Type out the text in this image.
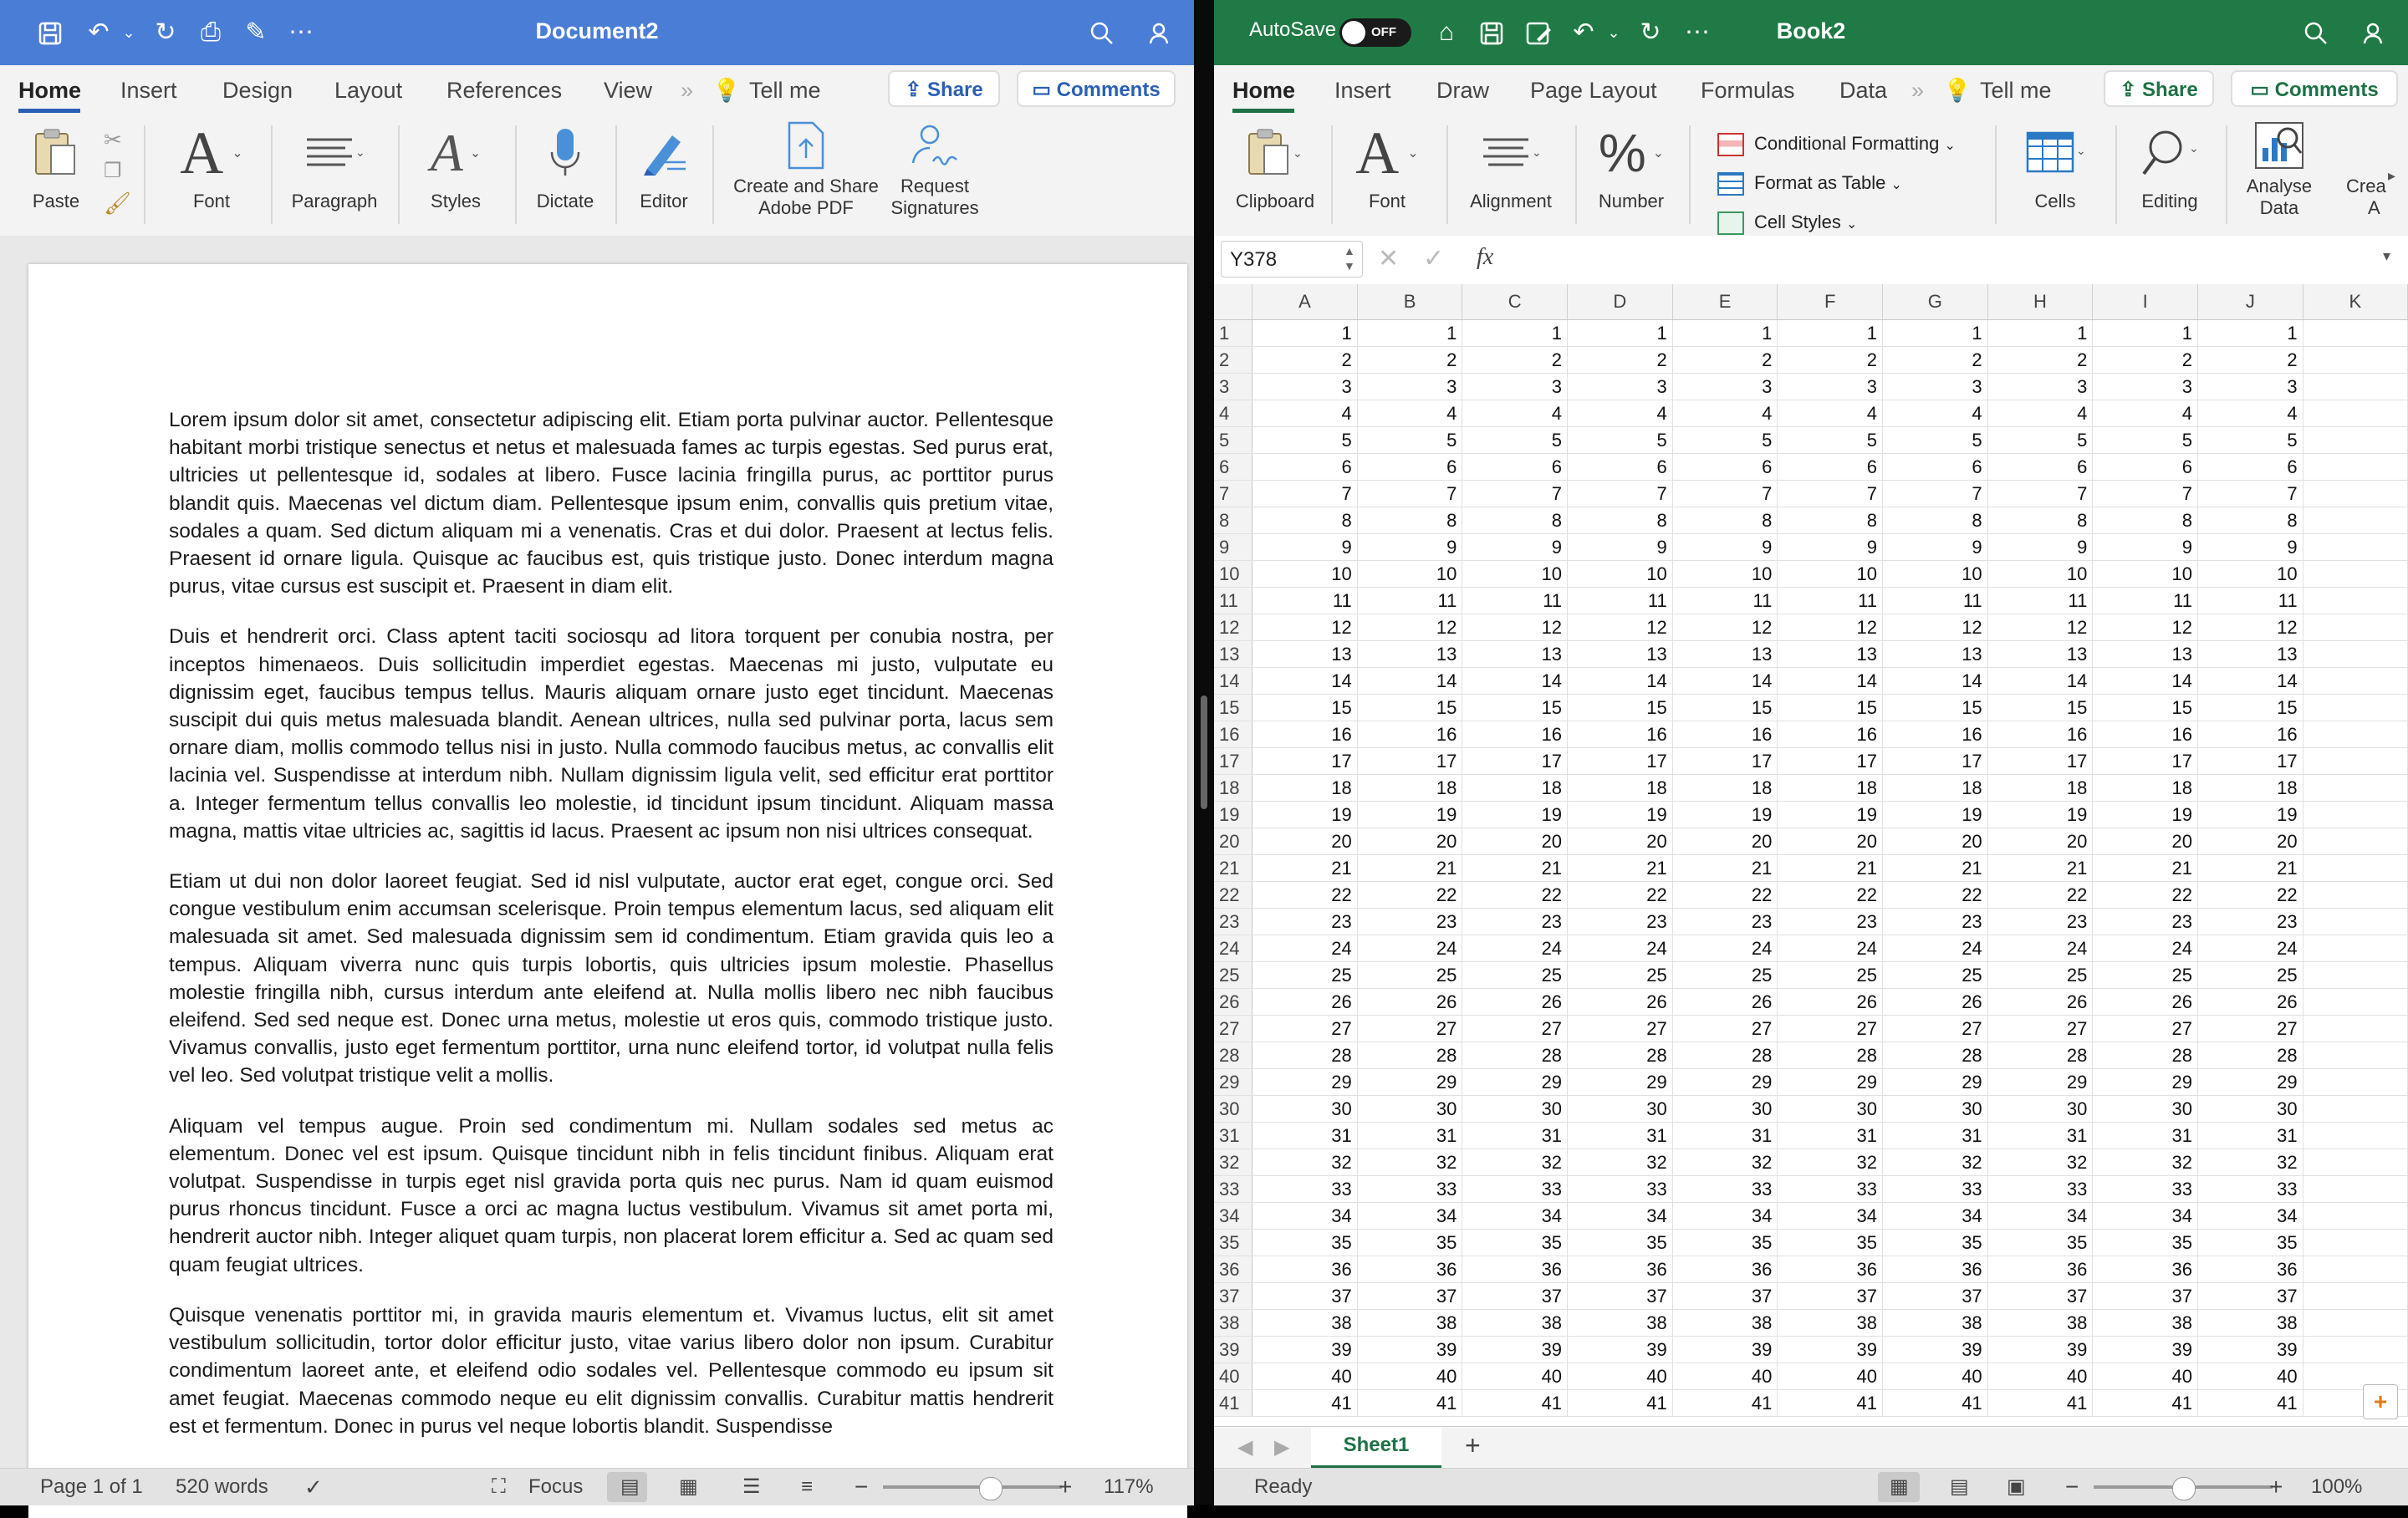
↶ ⌄ ↻ ⎙ ✎ ⋯	Document2
Home Insert Design Layout References View » 💡 Tell me	⇪ Share	▭ Comments
Paste
✂
❐
🖌
A ⌄
Font
⌄
Paragraph
A ⌄
Styles	Dictate	Editor
Create and Share
Adobe PDF
Request
Signatures

Lorem ipsum dolor sit amet, consectetur adipiscing elit. Etiam porta pulvinar auctor. Pellentesque habitant morbi tristique senectus et netus et malesuada fames ac turpis egestas. Sed purus erat, ultricies ut pellentesque id, sodales at libero. Fusce lacinia fringilla purus, ac porttitor purus blandit quis. Maecenas vel dictum diam. Pellentesque ipsum enim, convallis quis pretium vitae, sodales a quam. Sed dictum aliquam mi a venenatis. Cras et dui dolor. Praesent at lectus felis. Praesent id ornare ligula. Quisque ac faucibus est, quis tristique justo. Donec interdum magna purus, vitae cursus est suscipit et. Praesent in diam elit.

Duis et hendrerit orci. Class aptent taciti sociosqu ad litora torquent per conubia nostra, per inceptos himenaeos. Duis sollicitudin imperdiet egestas. Maecenas mi justo, vulputate eu dignissim eget, faucibus tempus tellus. Mauris aliquam ornare justo eget tincidunt. Maecenas suscipit dui quis metus malesuada blandit. Aenean ultrices, nulla sed pulvinar porta, lacus sem ornare diam, mollis commodo tellus nisi in justo. Nulla commodo faucibus metus, ac convallis elit lacinia vel. Suspendisse at interdum nibh. Nullam dignissim ligula velit, sed efficitur erat porttitor a. Integer fermentum tellus convallis leo molestie, id tincidunt ipsum tincidunt. Aliquam massa magna, mattis vitae ultricies ac, sagittis id lacus. Praesent ac ipsum non nisi ultrices consequat.

Etiam ut dui non dolor laoreet feugiat. Sed id nisl vulputate, auctor erat eget, congue orci. Sed congue vestibulum enim accumsan scelerisque. Proin tempus elementum lacus, sed aliquam elit malesuada sit amet. Sed malesuada dignissim sem id condimentum. Etiam gravida quis leo a tempus. Aliquam viverra nunc quis turpis lobortis, quis ultricies ipsum molestie. Phasellus molestie fringilla nibh, cursus interdum ante eleifend at. Nulla mollis libero nec nibh faucibus eleifend. Sed sed neque est. Donec urna metus, molestie ut eros quis, commodo tristique justo. Vivamus convallis, justo eget fermentum porttitor, urna nunc eleifend tortor, id volutpat nulla felis vel leo. Sed volutpat tristique velit a mollis.

Aliquam vel tempus augue. Proin sed condimentum mi. Nullam sodales sed metus ac elementum. Donec vel est ipsum. Quisque tincidunt nibh in felis tincidunt finibus. Aliquam erat volutpat. Suspendisse in turpis eget nisl gravida porta quis nec purus. Nam id quam euismod purus rhoncus tincidunt. Fusce a orci ac magna luctus vestibulum. Vivamus sit amet porta mi, hendrerit auctor nibh. Integer aliquet quam turpis, non placerat lorem efficitur a. Sed ac quam sed quam feugiat ultrices.

Quisque venenatis porttitor mi, in gravida mauris elementum et. Vivamus luctus, elit sit amet vestibulum sollicitudin, tortor dolor efficitur justo, vitae varius libero dolor non ipsum. Curabitur condimentum laoreet ante, et eleifend odio sodales vel. Pellentesque commodo eu ipsum sit amet feugiat. Maecenas commodo neque eu elit dignissim convallis. Curabitur mattis hendrerit est et fermentum. Donec in purus vel neque lobortis blandit. Suspendisse

Page 1 of 1 520 words ✓	⛶ Focus ▤ ▦ ☰ ≡ −	+ 117%
AutoSave	OFF	⌂	↶ ⌄ ↻ ⋯	Book2
Home Insert Draw Page Layout Formulas Data » 💡 Tell me	⇪ Share	▭ Comments
⌄
Clipboard
A ⌄
Font
⌄
Alignment
% ⌄
Number
Conditional Formatting ⌄
Format as Table ⌄
Cell Styles ⌄
⌄
Cells
⌄
Editing
Analyse
Data
Crea
A
▸
Y378	▲
▼ ✕ ✓ fx	▾
	A	B	C	D	E	F	G	H	I	J	K
1	1	1	1	1	1	1	1	1	1	1	
2	2	2	2	2	2	2	2	2	2	2	
3	3	3	3	3	3	3	3	3	3	3	
4	4	4	4	4	4	4	4	4	4	4	
5	5	5	5	5	5	5	5	5	5	5	
6	6	6	6	6	6	6	6	6	6	6	
7	7	7	7	7	7	7	7	7	7	7	
8	8	8	8	8	8	8	8	8	8	8	
9	9	9	9	9	9	9	9	9	9	9	
10	10	10	10	10	10	10	10	10	10	10	
11	11	11	11	11	11	11	11	11	11	11	
12	12	12	12	12	12	12	12	12	12	12	
13	13	13	13	13	13	13	13	13	13	13	
14	14	14	14	14	14	14	14	14	14	14	
15	15	15	15	15	15	15	15	15	15	15	
16	16	16	16	16	16	16	16	16	16	16	
17	17	17	17	17	17	17	17	17	17	17	
18	18	18	18	18	18	18	18	18	18	18	
19	19	19	19	19	19	19	19	19	19	19	
20	20	20	20	20	20	20	20	20	20	20	
21	21	21	21	21	21	21	21	21	21	21	
22	22	22	22	22	22	22	22	22	22	22	
23	23	23	23	23	23	23	23	23	23	23	
24	24	24	24	24	24	24	24	24	24	24	
25	25	25	25	25	25	25	25	25	25	25	
26	26	26	26	26	26	26	26	26	26	26	
27	27	27	27	27	27	27	27	27	27	27	
28	28	28	28	28	28	28	28	28	28	28	
29	29	29	29	29	29	29	29	29	29	29	
30	30	30	30	30	30	30	30	30	30	30	
31	31	31	31	31	31	31	31	31	31	31	
32	32	32	32	32	32	32	32	32	32	32	
33	33	33	33	33	33	33	33	33	33	33	
34	34	34	34	34	34	34	34	34	34	34	
35	35	35	35	35	35	35	35	35	35	35	
36	36	36	36	36	36	36	36	36	36	36	
37	37	37	37	37	37	37	37	37	37	37	
38	38	38	38	38	38	38	38	38	38	38	
39	39	39	39	39	39	39	39	39	39	39	
40	40	40	40	40	40	40	40	40	40	40	
41	41	41	41	41	41	41	41	41	41	41		+
◀ ▶	Sheet1	+
Ready	▦ ▤ ▣ −	+ 100%
